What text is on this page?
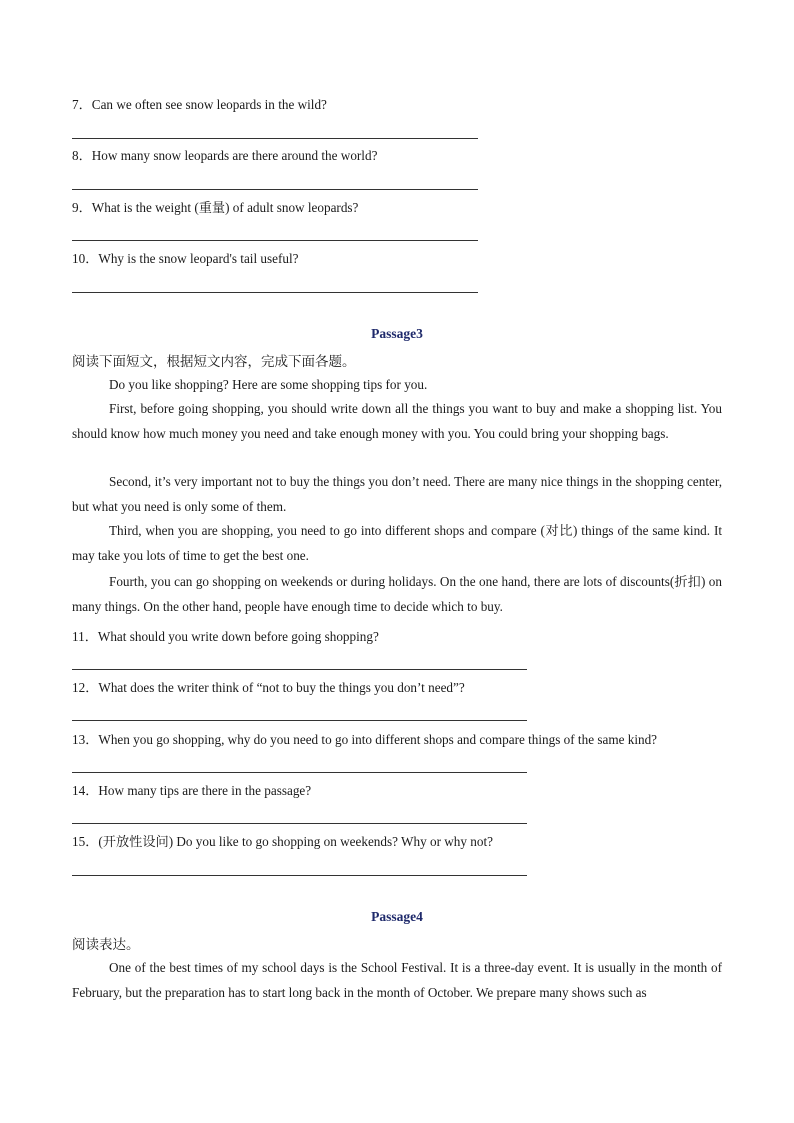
7．Can we often see snow leopards in the wild?
8．How many snow leopards are there around the world?
9．What is the weight (重量) of adult snow leopards?
10．Why is the snow leopard's tail useful?
Passage3
阅读下面短文，根据短文内容，完成下面各题。
Do you like shopping? Here are some shopping tips for you.
First, before going shopping, you should write down all the things you want to buy and make a shopping list. You should know how much money you need and take enough money with you. You could bring your shopping bags.
Second, it’s very important not to buy the things you don’t need. There are many nice things in the shopping center, but what you need is only some of them.
Third, when you are shopping, you need to go into different shops and compare (对比) things of the same kind. It may take you lots of time to get the best one.
Fourth, you can go shopping on weekends or during holidays. On the one hand, there are lots of discounts(折扣) on many things. On the other hand, people have enough time to decide which to buy.
11．What should you write down before going shopping?
12．What does the writer think of “not to buy the things you don’t need”?
13．When you go shopping, why do you need to go into different shops and compare things of the same kind?
14．How many tips are there in the passage?
15．(开放性设问) Do you like to go shopping on weekends? Why or why not?
Passage4
阅读表达。
One of the best times of my school days is the School Festival. It is a three-day event. It is usually in the month of February, but the preparation has to start long back in the month of October. We prepare many shows such as
